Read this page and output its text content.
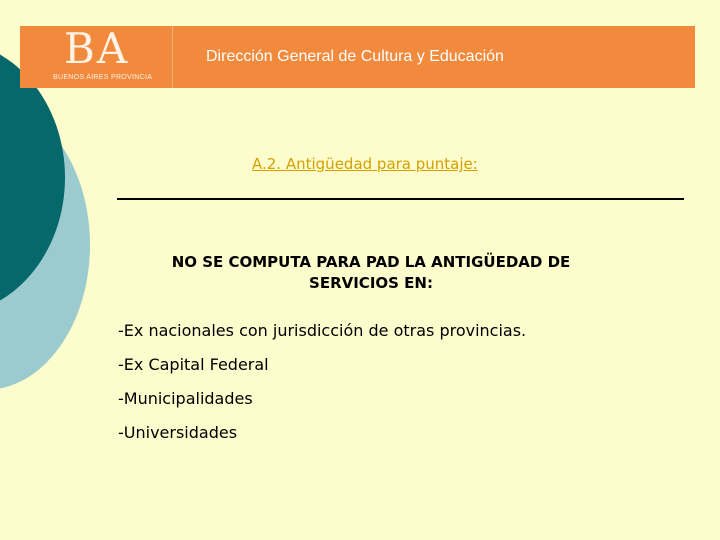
BA
BUENOS AIRES PROVINCIA
Dirección General de Cultura y Educación
A.2. Antigüedad para puntaje:
NO SE COMPUTA PARA PAD LA ANTIGÜEDAD DE
SERVICIOS EN:
-Ex nacionales con jurisdicción de otras provincias.
-Ex Capital Federal
-Municipalidades
-Universidades
